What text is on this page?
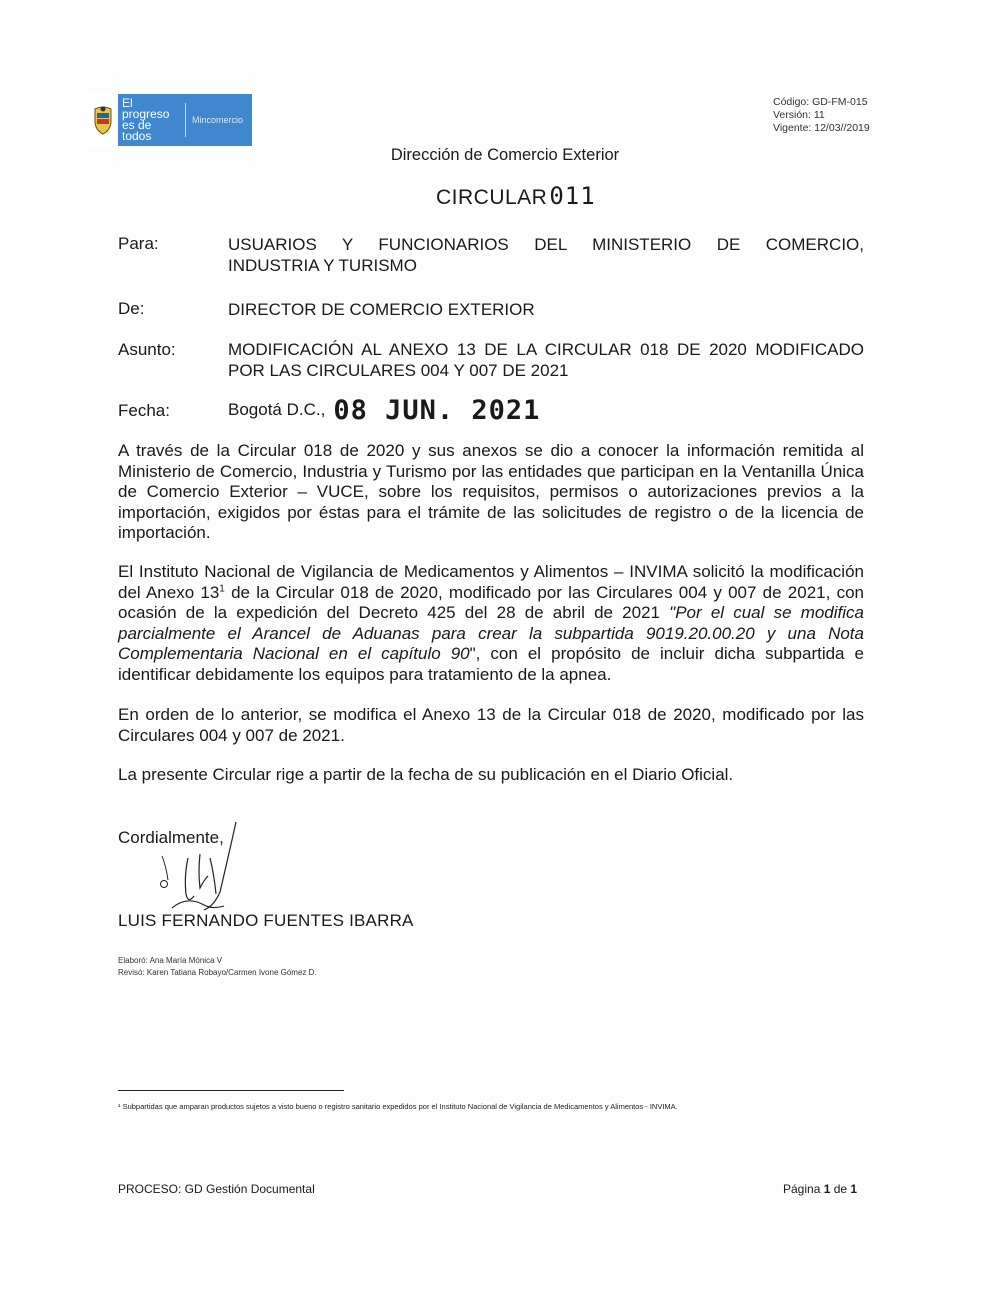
El progreso
es de todos
Mincomercio
Código: GD-FM-015
Versión: 11
Vigente: 12/03//2019
Dirección de Comercio Exterior
CIRCULAR011
Para:	USUARIOS Y FUNCIONARIOS DEL MINISTERIO DE COMERCIO,
INDUSTRIA Y TURISMO
De:	DIRECTOR DE COMERCIO EXTERIOR
Asunto:	MODIFICACIÓN AL ANEXO 13 DE LA CIRCULAR 018 DE 2020 MODIFICADO
POR LAS CIRCULARES 004 Y 007 DE 2021
Fecha:	Bogotá D.C., 08 JUN. 2021
A través de la Circular 018 de 2020 y sus anexos se dio a conocer la información remitida al Ministerio de Comercio, Industria y Turismo por las entidades que participan en la Ventanilla Única de Comercio Exterior – VUCE, sobre los requisitos, permisos o autorizaciones previos a la importación, exigidos por éstas para el trámite de las solicitudes de registro o de la licencia de importación.
El Instituto Nacional de Vigilancia de Medicamentos y Alimentos – INVIMA solicitó la modificación del Anexo $13^1$ de la Circular 018 de 2020, modificado por las Circulares 004 y 007 de 2021, con ocasión de la expedición del Decreto 425 del 28 de abril de 2021 "Por el cual se modifica parcialmente el Arancel de Aduanas para crear la subpartida 9019.20.00.20 y una Nota Complementaria Nacional en el capítulo 90", con el propósito de incluir dicha subpartida e identificar debidamente los equipos para tratamiento de la apnea.
En orden de lo anterior, se modifica el Anexo 13 de la Circular 018 de 2020, modificado por las Circulares 004 y 007 de 2021.
La presente Circular rige a partir de la fecha de su publicación en el Diario Oficial.
Cordialmente,
LUIS FERNANDO FUENTES IBARRA
Elaboró: Ana María Mónica V
Revisó: Karen Tatiana Robayo/Carmen Ivone Gómez D.
¹ Subpartidas que amparan productos sujetos a visto bueno o registro sanitario expedidos por el Instituto Nacional de Vigilancia de Medicamentos y Alimentos - INVIMA.
PROCESO: GD Gestión Documental	Página 1 de 1
